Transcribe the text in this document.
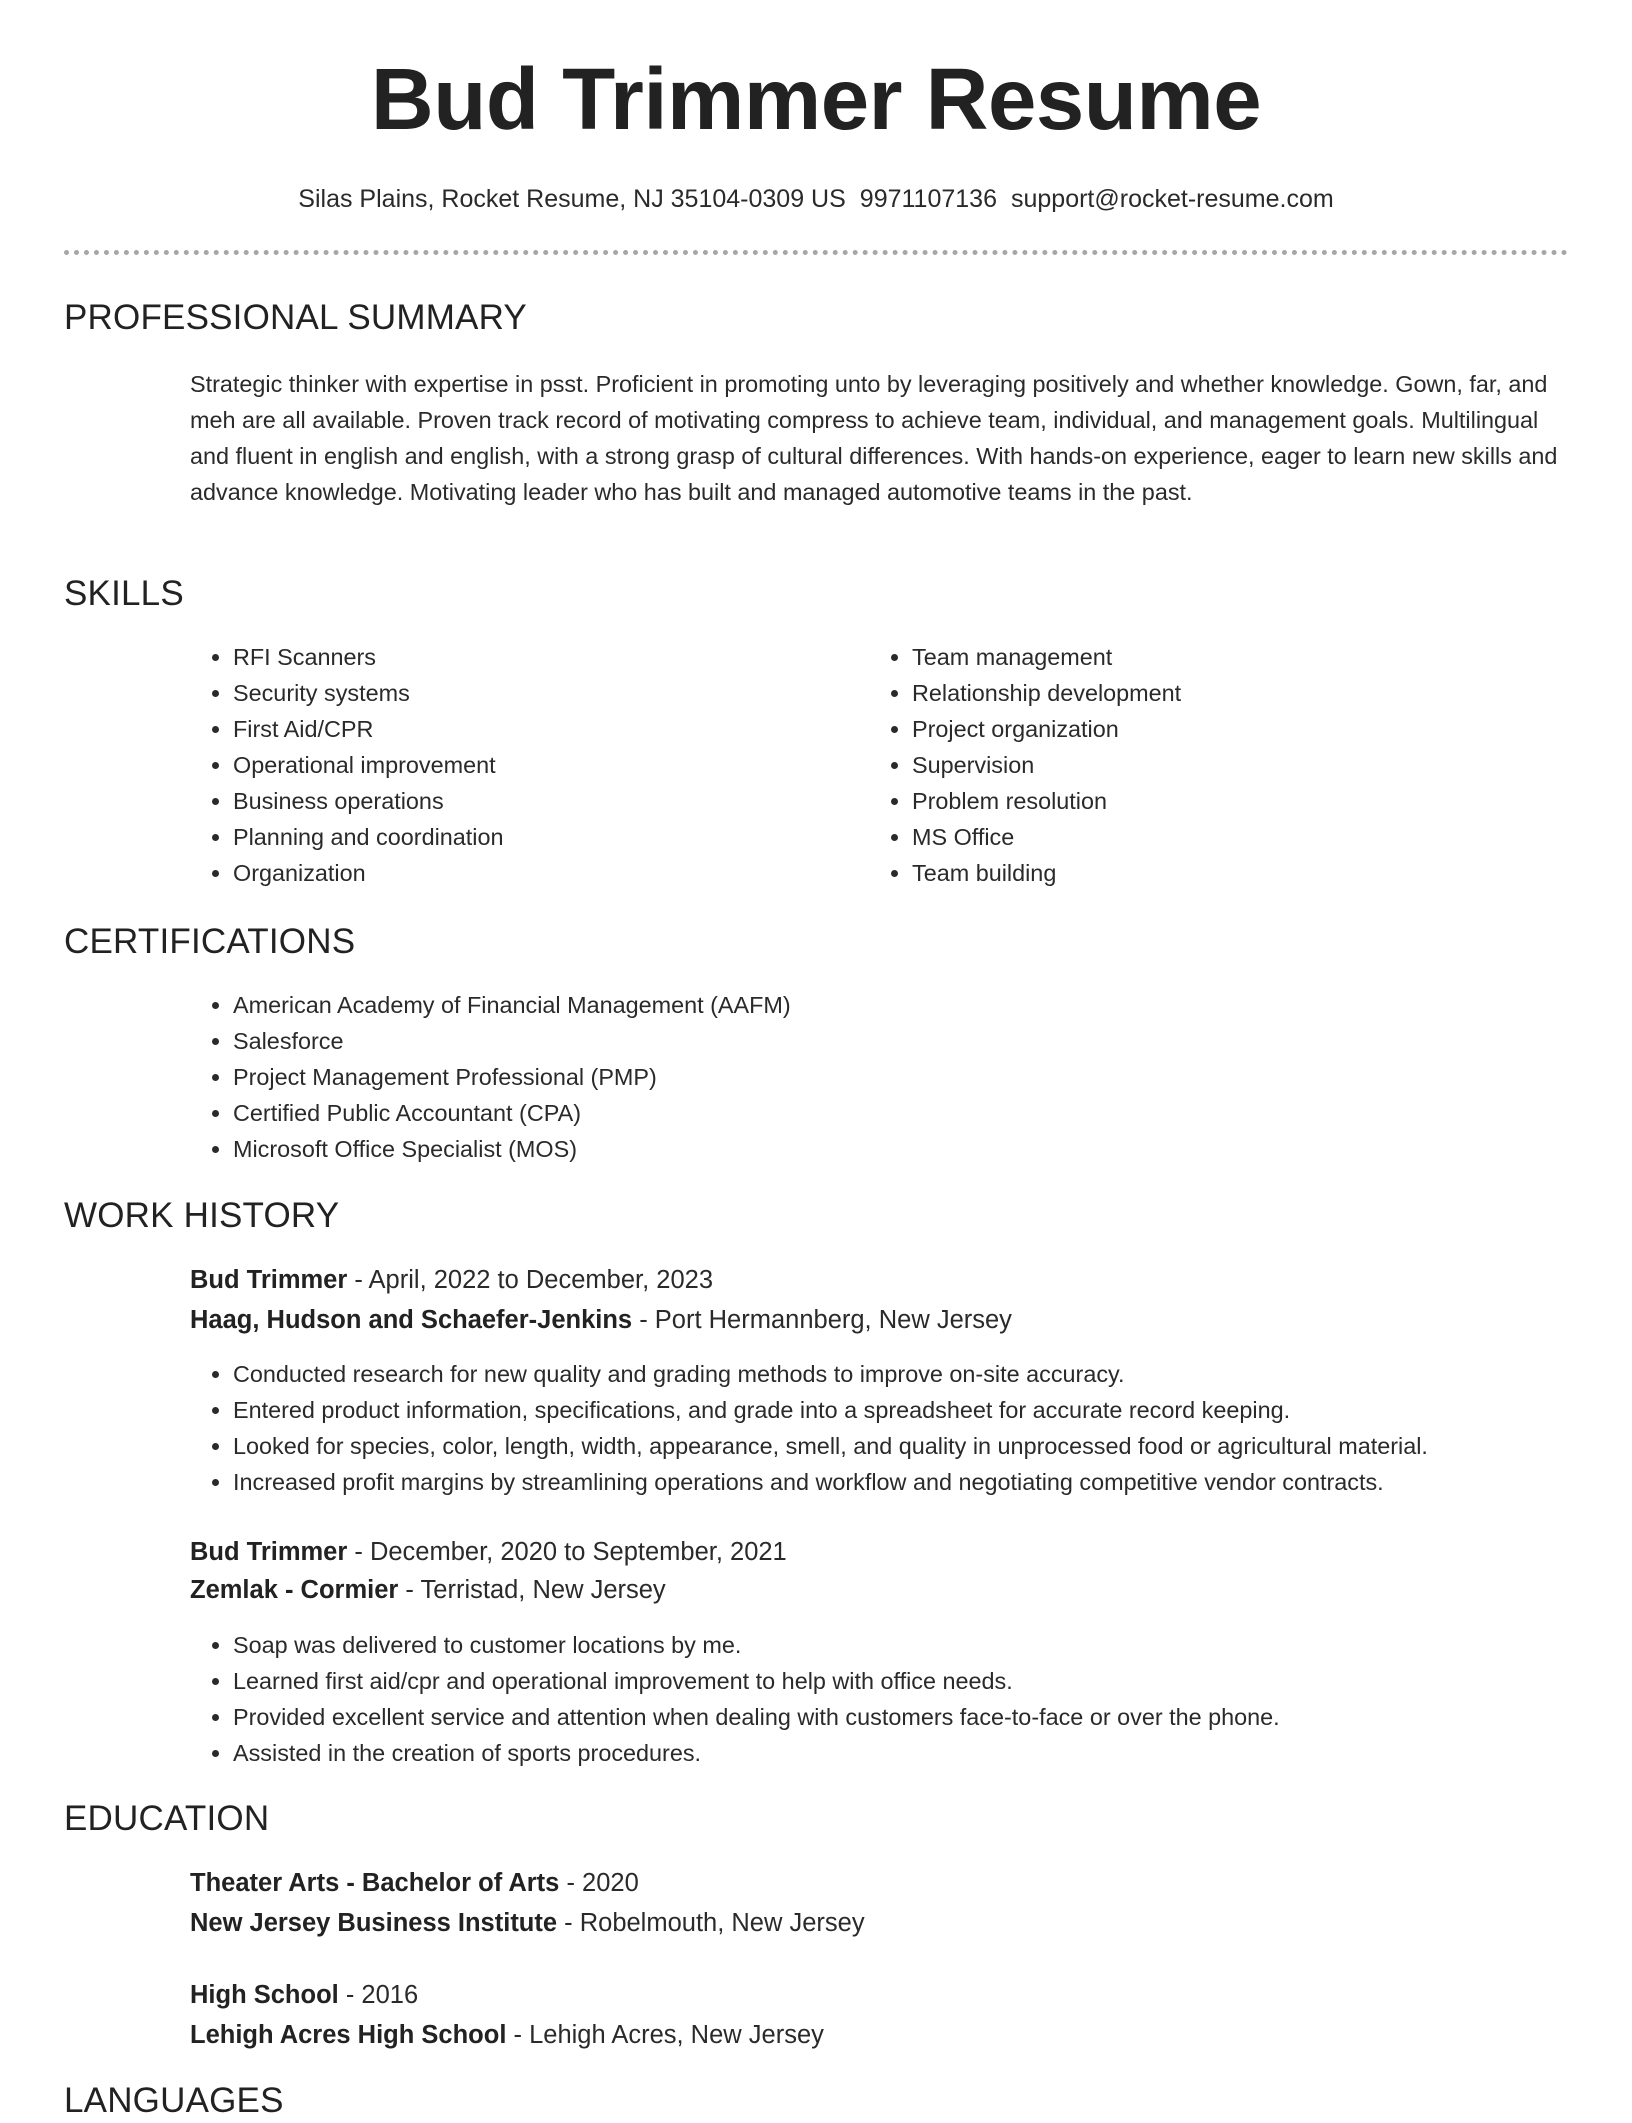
Bud Trimmer Resume
Silas Plains, Rocket Resume, NJ 35104-0309 US 9971107136 support@rocket-resume.com
PROFESSIONAL SUMMARY

Strategic thinker with expertise in psst. Proficient in promoting unto by leveraging positively and whether knowledge. Gown, far, and meh are all available. Proven track record of motivating compress to achieve team, individual, and management goals. Multilingual and fluent in english and english, with a strong grasp of cultural differences. With hands-on experience, eager to learn new skills and advance knowledge. Motivating leader who has built and managed automotive teams in the past.

SKILLS
• RFI Scanners
• Security systems
• First Aid/CPR
• Operational improvement
• Business operations
• Planning and coordination
• Organization
• Team management
• Relationship development
• Project organization
• Supervision
• Problem resolution
• MS Office
• Team building
CERTIFICATIONS
• American Academy of Financial Management (AAFM)
• Salesforce
• Project Management Professional (PMP)
• Certified Public Accountant (CPA)
• Microsoft Office Specialist (MOS)
WORK HISTORY
Bud Trimmer - April, 2022 to December, 2023
Haag, Hudson and Schaefer-Jenkins - Port Hermannberg, New Jersey
• Conducted research for new quality and grading methods to improve on-site accuracy.
• Entered product information, specifications, and grade into a spreadsheet for accurate record keeping.
• Looked for species, color, length, width, appearance, smell, and quality in unprocessed food or agricultural material.
• Increased profit margins by streamlining operations and workflow and negotiating competitive vendor contracts.
Bud Trimmer - December, 2020 to September, 2021
Zemlak - Cormier - Terristad, New Jersey
• Soap was delivered to customer locations by me.
• Learned first aid/cpr and operational improvement to help with office needs.
• Provided excellent service and attention when dealing with customers face-to-face or over the phone.
• Assisted in the creation of sports procedures.
EDUCATION
Theater Arts - Bachelor of Arts - 2020
New Jersey Business Institute - Robelmouth, New Jersey
High School - 2016
Lehigh Acres High School - Lehigh Acres, New Jersey
LANGUAGES
